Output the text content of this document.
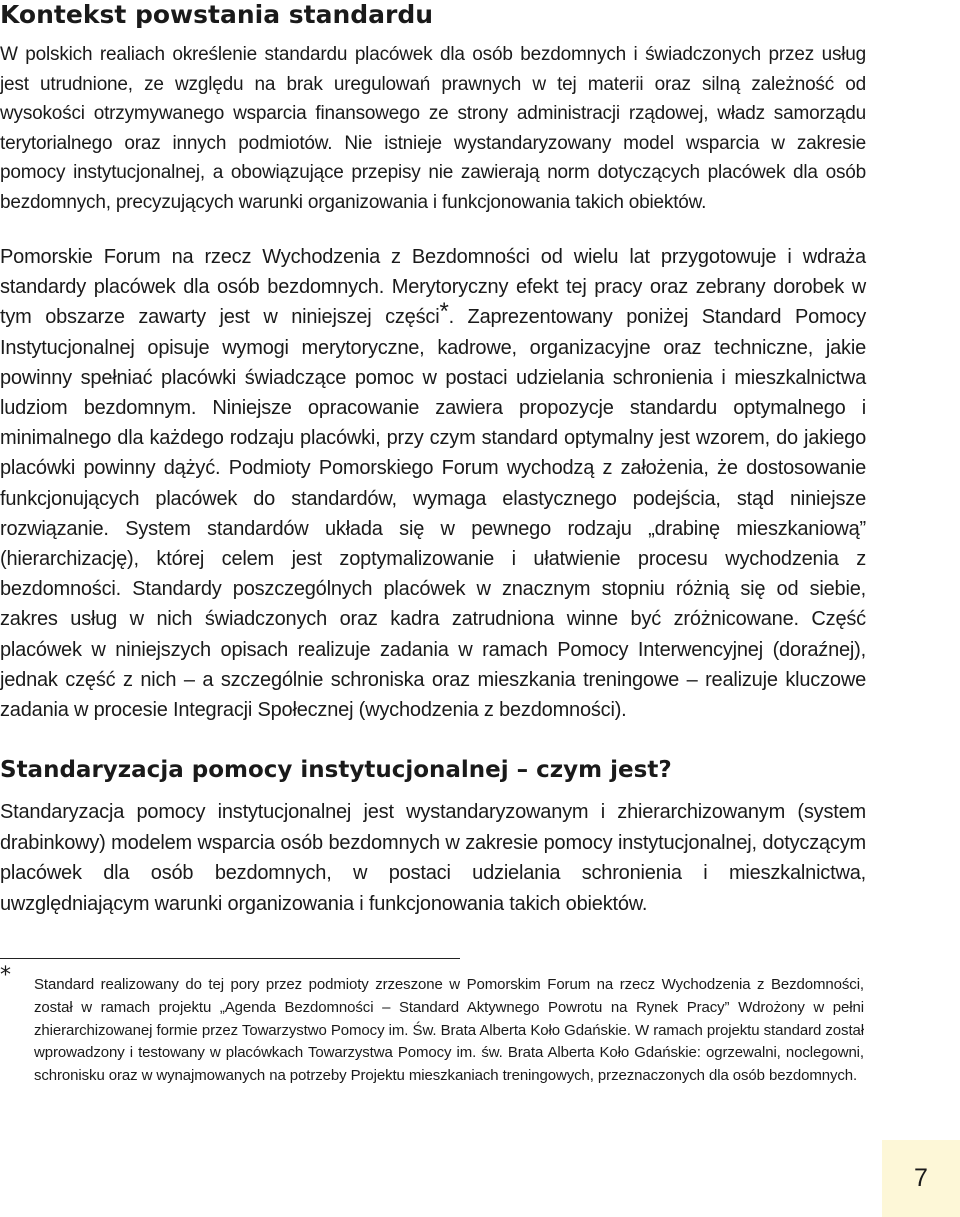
Kontekst powstania standardu

W polskich realiach określenie standardu placówek dla osób bezdomnych i świadczonych przez usług jest utrudnione, ze względu na brak uregulowań prawnych w tej materii oraz silną zależność od wysokości otrzymywanego wsparcia finansowego ze strony administracji rządowej, władz samorządu terytorialnego oraz innych podmiotów. Nie istnieje wystandaryzowany model wsparcia w zakresie pomocy instytucjonalnej, a obowiązujące przepisy nie zawierają norm dotyczących placówek dla osób bezdomnych, precyzujących warunki organizowania i funkcjonowania takich obiektów.

Pomorskie Forum na rzecz Wychodzenia z Bezdomności od wielu lat przygotowuje i wdraża standardy placówek dla osób bezdomnych. Merytoryczny efekt tej pracy oraz zebrany dorobek w tym obszarze zawarty jest w niniejszej części*. Zaprezentowany poniżej Standard Pomocy Instytucjonalnej opisuje wymogi merytoryczne, kadrowe, organizacyjne oraz techniczne, jakie powinny spełniać placówki świadczące pomoc w postaci udzielania schronienia i mieszkalnictwa ludziom bezdomnym. Niniejsze opracowanie zawiera propozycje standardu optymalnego i minimalnego dla każdego rodzaju placówki, przy czym standard optymalny jest wzorem, do jakiego placówki powinny dążyć. Podmioty Pomorskiego Forum wychodzą z założenia, że dostosowanie funkcjonujących placówek do standardów, wymaga elastycznego podejścia, stąd niniejsze rozwiązanie. System standardów układa się w pewnego rodzaju „drabinę mieszkaniową” (hierarchizację), której celem jest zoptymalizowanie i ułatwienie procesu wychodzenia z bezdomności. Standardy poszczególnych placówek w znacznym stopniu różnią się od siebie, zakres usług w nich świadczonych oraz kadra zatrudniona winne być zróżnicowane. Część placówek w niniejszych opisach realizuje zadania w ramach Pomocy Interwencyjnej (doraźnej), jednak część z nich – a szczególnie schroniska oraz mieszkania treningowe – realizuje kluczowe zadania w procesie Integracji Społecznej (wychodzenia z bezdomności).

Standaryzacja pomocy instytucjonalnej – czym jest?

Standaryzacja pomocy instytucjonalnej jest wystandaryzowanym i zhierarchizowanym (system drabinkowy) modelem wsparcia osób bezdomnych w zakresie pomocy instytucjonalnej, dotyczącym placówek dla osób bezdomnych, w postaci udzielania schronienia i mieszkalnictwa, uwzględniającym warunki organizowania i funkcjonowania takich obiektów.

* Standard realizowany do tej pory przez podmioty zrzeszone w Pomorskim Forum na rzecz Wychodzenia z Bezdomności, został w ramach projektu „Agenda Bezdomności – Standard Aktywnego Powrotu na Rynek Pracy” Wdrożony w pełni zhierarchizowanej formie przez Towarzystwo Pomocy im. Św. Brata Alberta Koło Gdańskie. W ramach projektu standard został wprowadzony i testowany w placówkach Towarzystwa Pomocy im. św. Brata Alberta Koło Gdańskie: ogrzewalni, noclegowni, schronisku oraz w wynajmowanych na potrzeby Projektu mieszkaniach treningowych, przeznaczonych dla osób bezdomnych.

7
